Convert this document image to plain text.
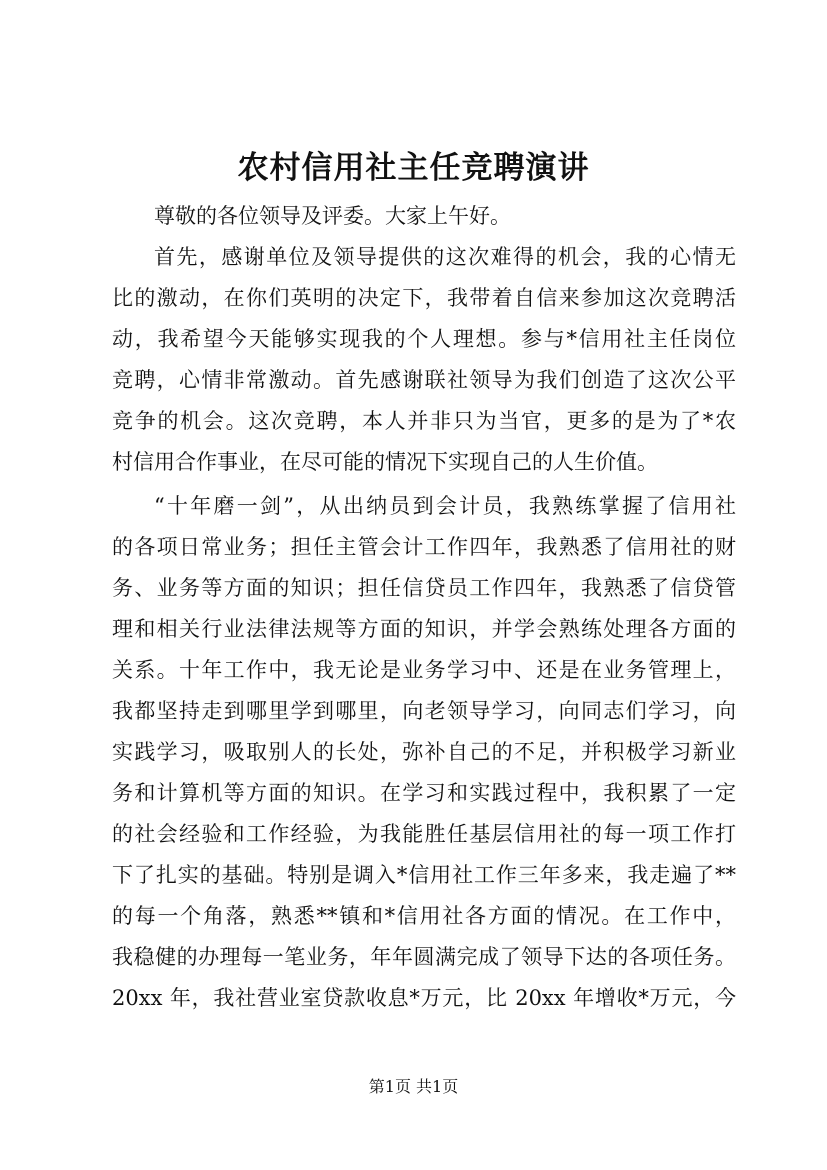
农村信用社主任竞聘演讲
尊敬的各位领导及评委。大家上午好。
首先，感谢单位及领导提供的这次难得的机会，我的心情无
比的激动，在你们英明的决定下，我带着自信来参加这次竞聘活
动，我希望今天能够实现我的个人理想。参与*信用社主任岗位
竞聘，心情非常激动。首先感谢联社领导为我们创造了这次公平
竞争的机会。这次竞聘，本人并非只为当官，更多的是为了*农
村信用合作事业，在尽可能的情况下实现自己的人生价值。
“十年磨一剑”，从出纳员到会计员，我熟练掌握了信用社
的各项日常业务；担任主管会计工作四年，我熟悉了信用社的财
务、业务等方面的知识；担任信贷员工作四年，我熟悉了信贷管
理和相关行业法律法规等方面的知识，并学会熟练处理各方面的
关系。十年工作中，我无论是业务学习中、还是在业务管理上，
我都坚持走到哪里学到哪里，向老领导学习，向同志们学习，向
实践学习，吸取别人的长处，弥补自己的不足，并积极学习新业
务和计算机等方面的知识。在学习和实践过程中，我积累了一定
的社会经验和工作经验，为我能胜任基层信用社的每一项工作打
下了扎实的基础。特别是调入*信用社工作三年多来，我走遍了**
的每一个角落，熟悉**镇和*信用社各方面的情况。在工作中，
我稳健的办理每一笔业务，年年圆满完成了领导下达的各项任务。
20xx 年，我社营业室贷款收息*万元，比 20xx 年增收*万元，今
第1页 共1页
